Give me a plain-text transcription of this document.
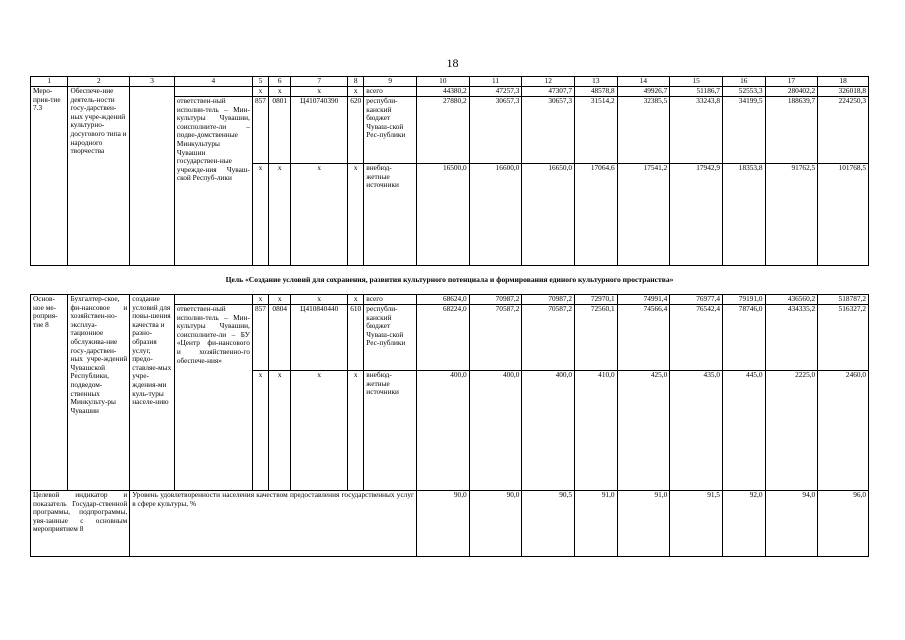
18
1	2	3	4	5	6	7	8	9	10	11	12	13	14	15	16	17	18
Меро-прия-тие 7.3	Обеспече-ние деятель-ности госу-дарствен-ных учре-ждений культурно-досугового типа и народного творчества			x	x	x	x	всего	44380,2	47257,3	47307,7	48578,8	49926,7	51186,7	52553,3	280402,2	326018,8
			ответствен-ный исполни-тель – Мин-культуры Чувашии, соисполните-ли – подве-домственные Минкультуры Чувашии государствен-ные учрежде-ния Чуваш-ской Респуб-лики	857	0801	Ц410740390	620	республи-канский бюджет Чуваш-ской Рес-публики	27880,2	30657,3	30657,3	31514,2	32385,5	33243,8	34199,5	188639,7	224250,3
				x	x	x	x	внебюд-жетные источники	16500,0	16600,0	16650,0	17064,6	17541,2	17942,9	18353,8	91762,5	101768,5
Цель «Создание условий для сохранения, развития культурного потенциала и формирования единого культурного пространства»																	
Основ-ное ме-роприя-тие 8	Бухгалтер-ское, фи-нансовое и хозяйствен-но-эксплуа-тационное обслужива-ние госу-дарствен-ных учре-ждений Чувашской Республики, подведом-ственных Минкульту-ры Чувашии	создание условий для повы-шения качества и разно-образия услуг, предо-ставляе-мых учре-ждения-ми куль-туры населе-нию		x	x	x	x	всего	68624,0	70987,2	70987,2	72970,1	74991,4	76977,4	79191,0	436560,2	518787,2
			ответствен-ный исполни-тель – Мин-культуры Чувашии, соисполните-ли – БУ «Центр фи-нансового и хозяйственно-го обеспече-ния»	857	0804	Ц410840440	610	республи-канский бюджет Чуваш-ской Рес-публики	68224,0	70587,2	70587,2	72560,1	74566,4	76542,4	78746,0	434335,2	516327,2
				x	x	x	x	внебюд-жетные источники	400,0	400,0	400,0	410,0	425,0	435,0	445,0	2225,0	2460,0
Целевой индикатор и показатель Государ-ственной программы, подпрограммы, увя-занные с основным мероприятием 8		Уровень удовлетворенности населения качеством предоставления государственных услуг в сфере культуры, %							90,0	90,0	90,5	91,0	91,0	91,5	92,0	94,0	96,0
